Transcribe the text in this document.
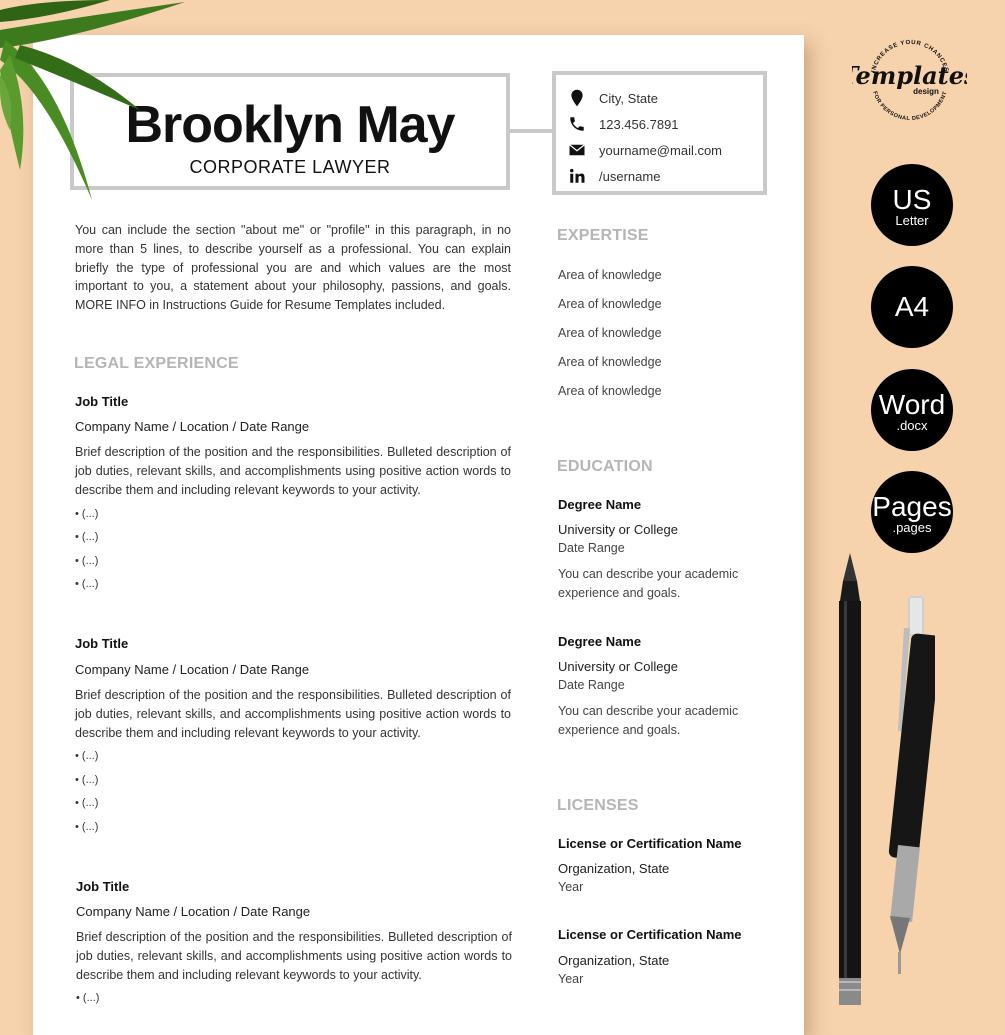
Brooklyn May
CORPORATE LAWYER
City, State
123.456.7891
yourname@mail.com
/username
You can include the section "about me" or "profile" in this paragraph, in no more than 5 lines, to describe yourself as a professional. You can explain briefly the type of professional you are and which values are the most important to you, a statement about your philosophy, passions, and goals. MORE INFO in Instructions Guide for Resume Templates included.
LEGAL EXPERIENCE
Job Title
Company Name / Location / Date Range
Brief description of the position and the responsibilities. Bulleted description of job duties, relevant skills, and accomplishments using positive action words to describe them and including relevant keywords to your activity.
• (...)
• (...)
• (...)
• (...)
Job Title
Company Name / Location / Date Range
Brief description of the position and the responsibilities. Bulleted description of job duties, relevant skills, and accomplishments using positive action words to describe them and including relevant keywords to your activity.
• (...)
• (...)
• (...)
• (...)
Job Title
Company Name / Location / Date Range
Brief description of the position and the responsibilities. Bulleted description of job duties, relevant skills, and accomplishments using positive action words to describe them and including relevant keywords to your activity.
• (...)
EXPERTISE
Area of knowledge
Area of knowledge
Area of knowledge
Area of knowledge
Area of knowledge
EDUCATION
Degree Name
University or College
Date Range
You can describe your academic experience and goals.
Degree Name
University or College
Date Range
You can describe your academic experience and goals.
LICENSES
License or Certification Name
Organization, State
Year
License or Certification Name
Organization, State
Year
INCREASE YOUR CHANCES
FOR PERSONAL DEVELOPMENT
emplate
design
US
Letter
A4
Word
.docx
Pages
.pages
